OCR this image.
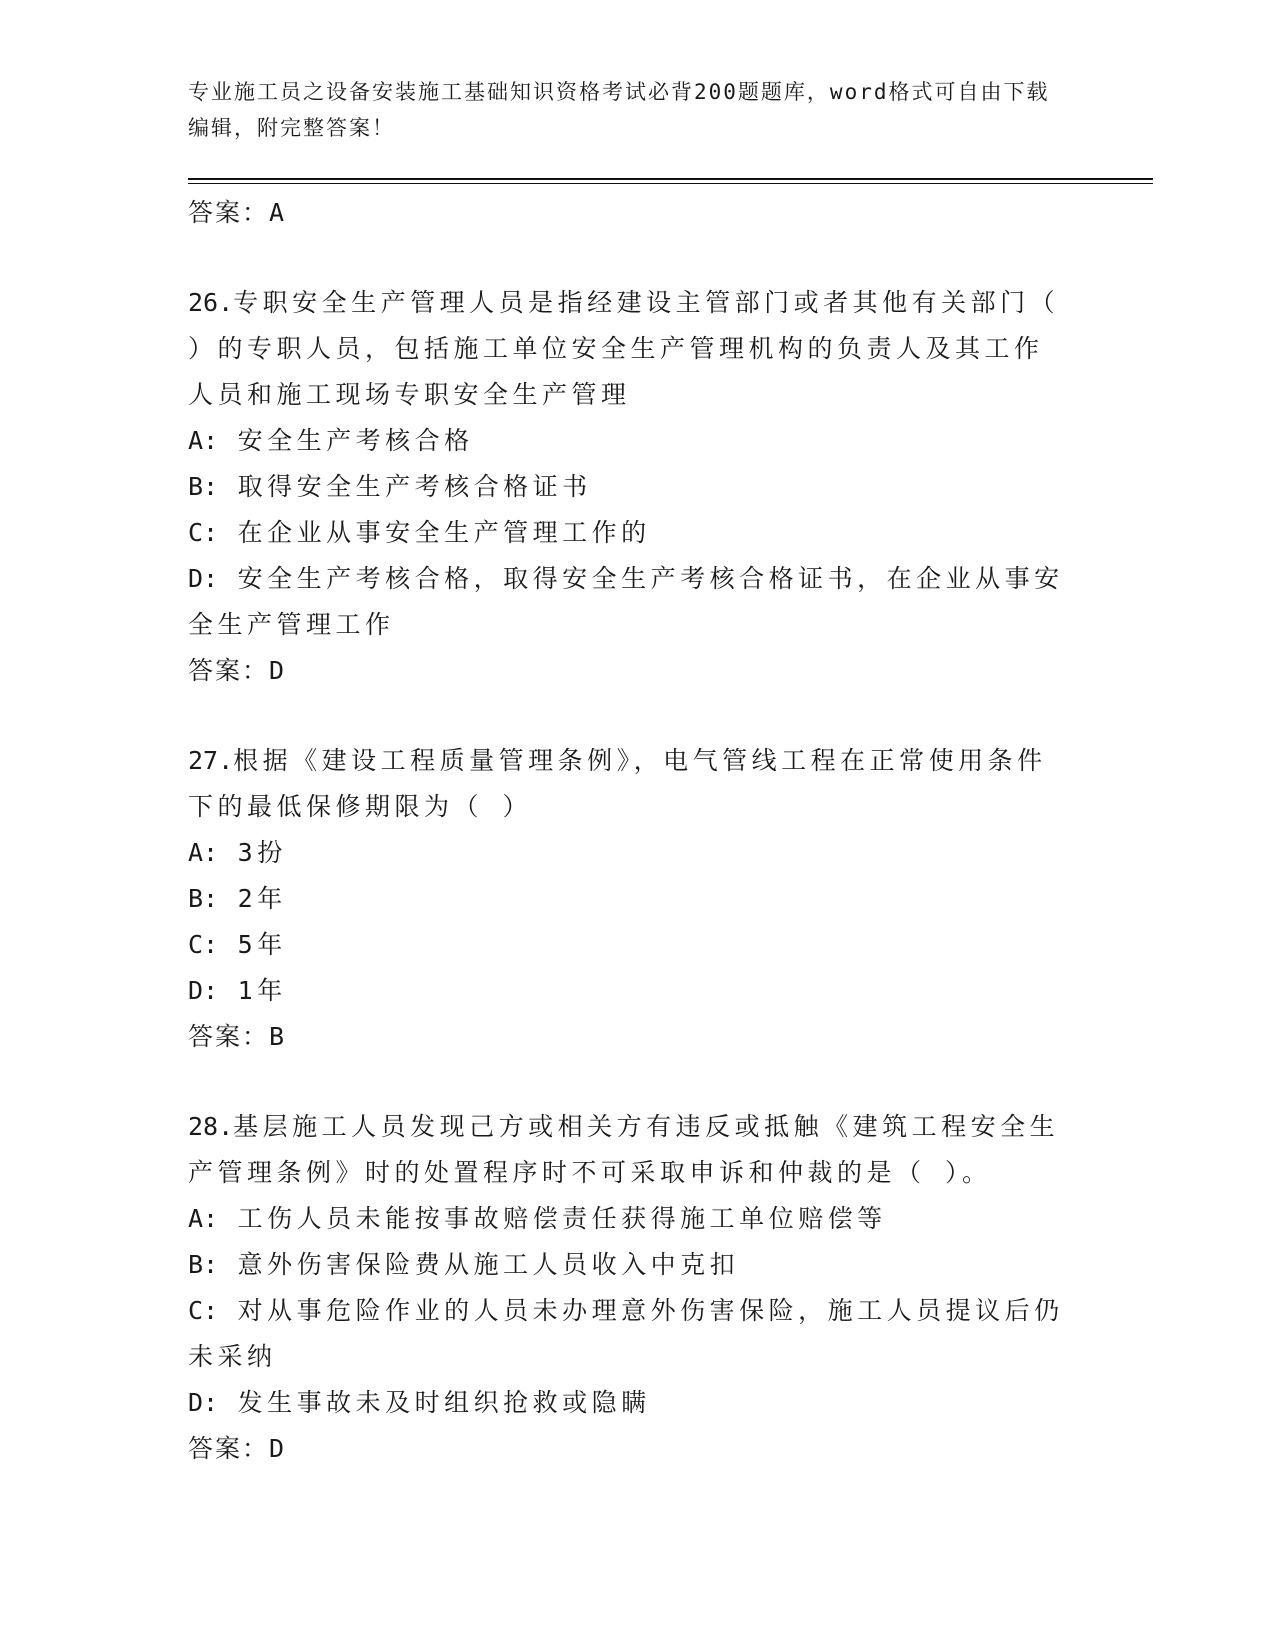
专业施工员之设备安装施工基础知识资格考试必背200题题库，word格式可自由下载编辑，附完整答案！
答案：A
26.专职安全生产管理人员是指经建设主管部门或者其他有关部门（ ）的专职人员，包括施工单位安全生产管理机构的负责人及其工作人员和施工现场专职安全生产管理
A: 安全生产考核合格
B: 取得安全生产考核合格证书
C: 在企业从事安全生产管理工作的
D: 安全生产考核合格，取得安全生产考核合格证书，在企业从事安全生产管理工作
答案：D
27.根据《建设工程质量管理条例》，电气管线工程在正常使用条件下的最低保修期限为（ ）
A: 3扮
B: 2年
C: 5年
D: 1年
答案：B
28.基层施工人员发现己方或相关方有违反或抵触《建筑工程安全生产管理条例》时的处置程序时不可采取申诉和仲裁的是（ ）。
A: 工伤人员未能按事故赔偿责任获得施工单位赔偿等
B: 意外伤害保险费从施工人员收入中克扣
C: 对从事危险作业的人员未办理意外伤害保险，施工人员提议后仍未采纳
D: 发生事故未及时组织抢救或隐瞒
答案：D
